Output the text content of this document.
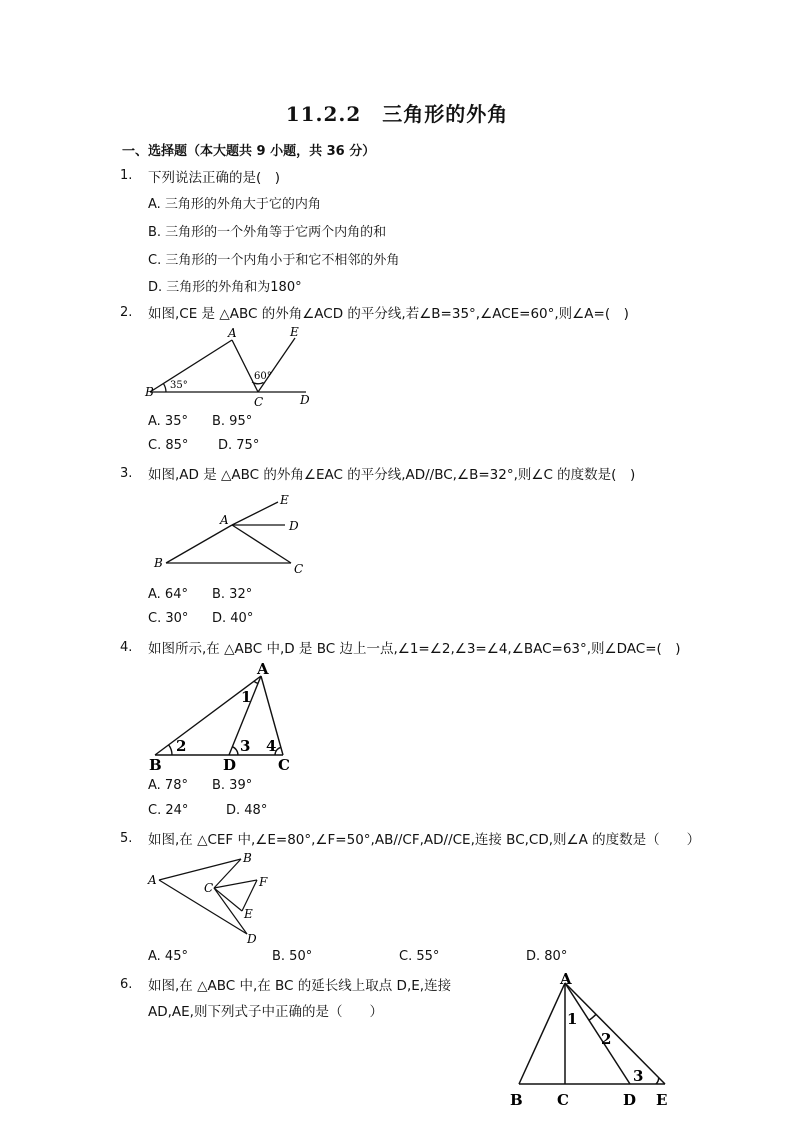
11.2.2　三角形的外角
一、选择题（本大题共 9 小题，共 36 分）
1. 下列说法正确的是(　)
A. 三角形的外角大于它的内角
B. 三角形的一个外角等于它两个内角的和
C. 三角形的一个内角小于和它不相邻的外角
D. 三角形的外角和为180°
2. 如图,CE 是 △ABC 的外角∠ACD 的平分线,若∠B=35°,∠ACE=60°,则∠A=(　)
A
B
C	D
E
35°
60°
A. 35° B. 95°
C. 85° D. 75°
3. 如图,AD 是 △ABC 的外角∠EAC 的平分线,AD//BC,∠B=32°,则∠C 的度数是(　)
A
B	C
D
E
A. 64° B. 32°
C. 30° D. 40°
4. 如图所示,在 △ABC 中,D 是 BC 边上一点,∠1=∠2,∠3=∠4,∠BAC=63°,则∠DAC=(　)
A
B	C
D
1
2	3 4
A. 78° B. 39°
C. 24°	D. 48°
5. 如图,在 △CEF 中,∠E=80°,∠F=50°,AB//CF,AD//CE,连接 BC,CD,则∠A 的度数是（　　）
A
B
C
D
E
F
A. 45°	B. 50°	C. 55°	D. 80°
6. 如图,在 △ABC 中,在 BC 的延长线上取点 D,E,连接
AD,AE,则下列式子中正确的是（　　）
A
B C	D E
1
2
3
